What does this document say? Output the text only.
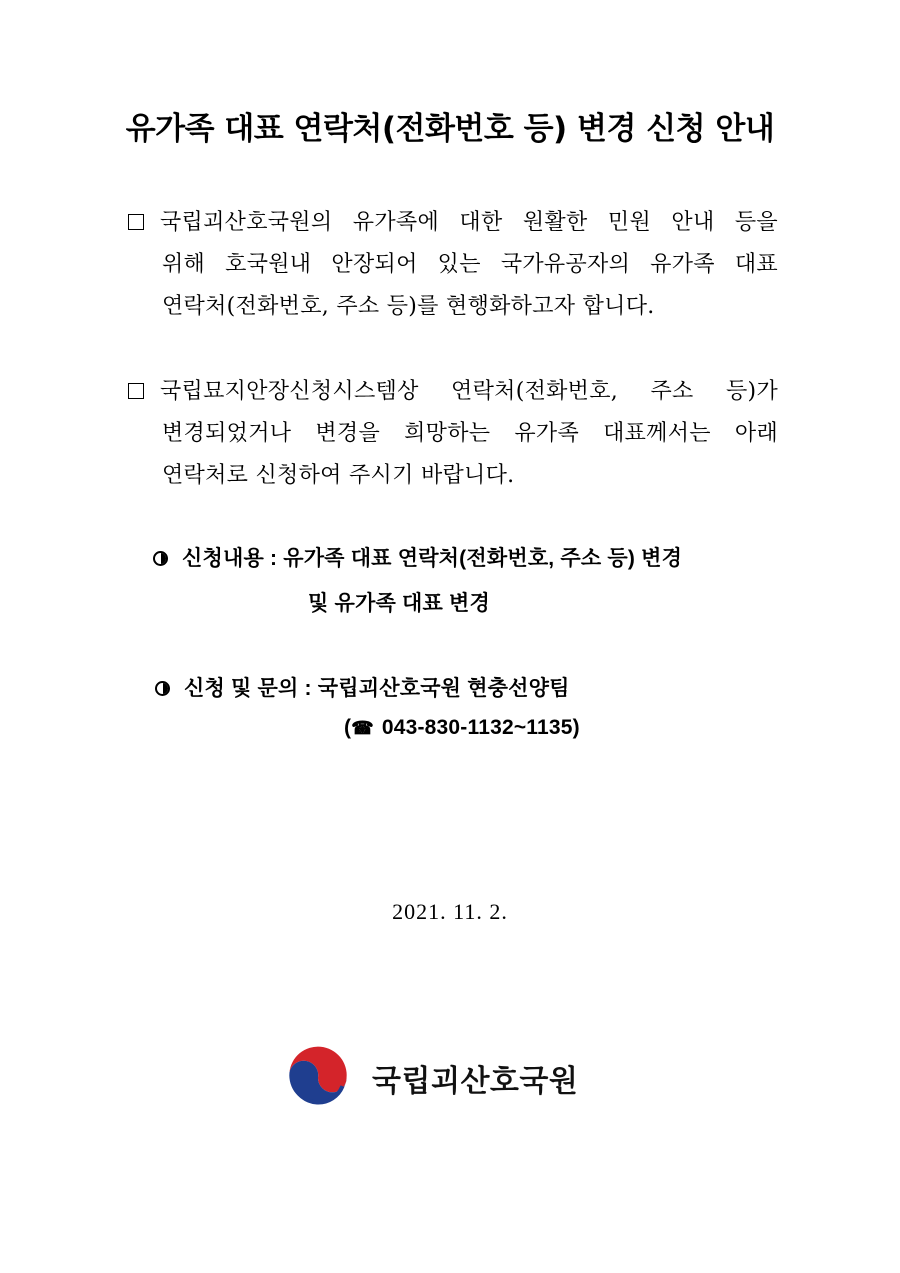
유가족 대표 연락처(전화번호 등) 변경 신청 안내
국립괴산호국원의 유가족에 대한 원활한 민원 안내 등을
위해 호국원내 안장되어 있는 국가유공자의 유가족 대표
연락처(전화번호, 주소 등)를 현행화하고자 합니다.
국립묘지안장신청시스템상 연락처(전화번호, 주소 등)가
변경되었거나 변경을 희망하는 유가족 대표께서는 아래
연락처로 신청하여 주시기 바랍니다.
신청내용 : 유가족 대표 연락처(전화번호, 주소 등) 변경
및 유가족 대표 변경
신청 및 문의 : 국립괴산호국원 현충선양팀
(☎ 043-830-1132~1135)
2021. 11. 2.
국립괴산호국원
